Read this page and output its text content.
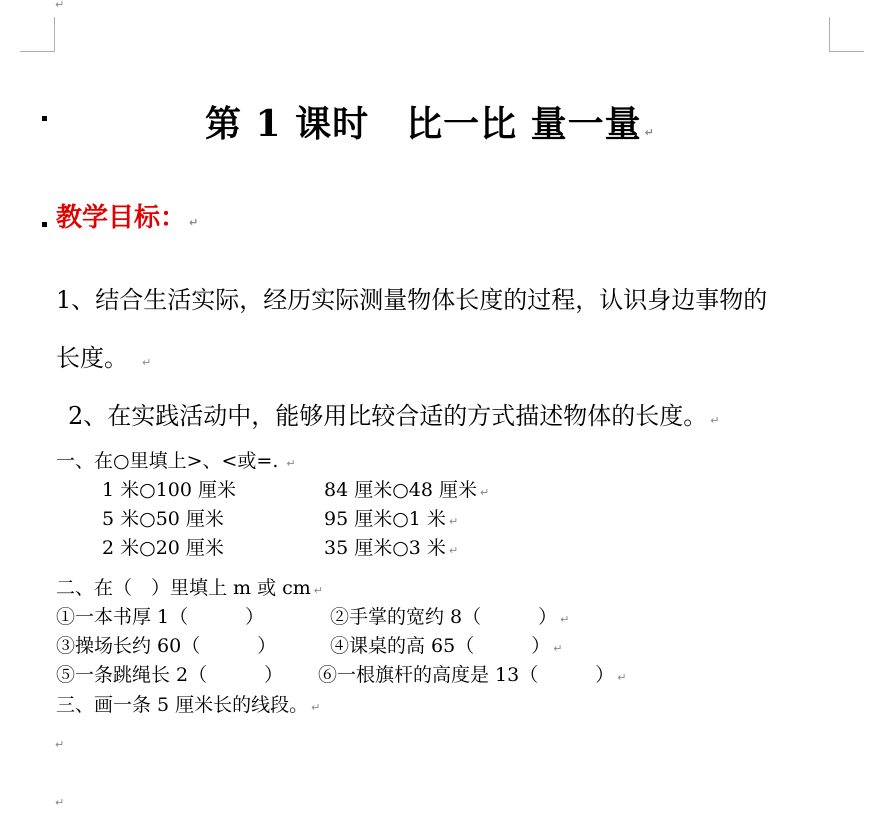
↵
第 1 课时　比一比 量一量 ↵
教学目标： ↵
1、结合生活实际，经历实际测量物体长度的过程，认识身边事物的
长度。 ↵
2、在实践活动中，能够用比较合适的方式描述物体的长度。 ↵
一、在○里填上>、<或=. ↵
1 米○100 厘米	84 厘米○48 厘米 ↵
5 米○50 厘米	95 厘米○1 米 ↵
2 米○20 厘米	35 厘米○3 米 ↵
二、在（　）里填上 m 或 cm ↵
①一本书厚 1（　　　）	②手掌的宽约 8（　　　） ↵
③操场长约 60（　　　）	④课桌的高 65（　　　） ↵
⑤一条跳绳长 2（　　　） ⑥一根旗杆的高度是 13（　　　） ↵
三、画一条 5 厘米长的线段。 ↵
↵
↵
